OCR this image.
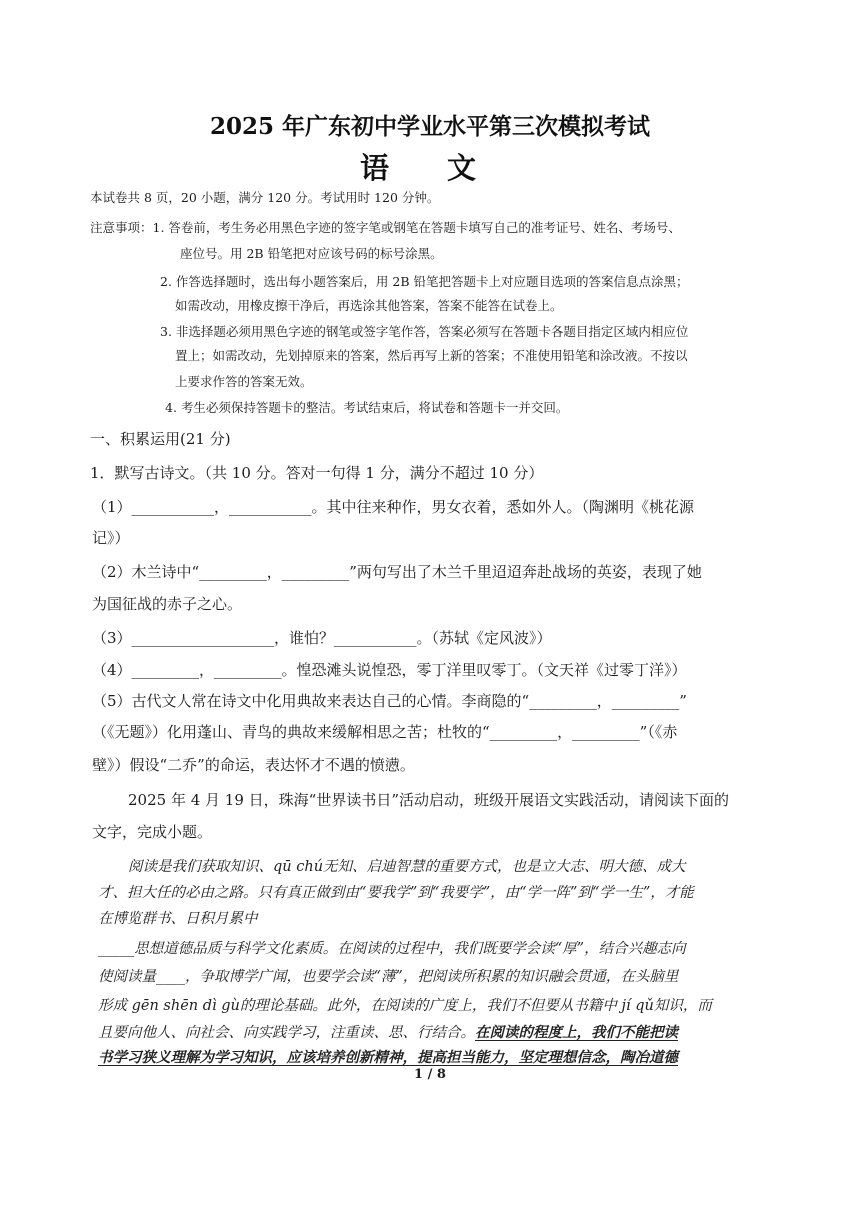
2025 年广东初中学业水平第三次模拟考试
语 文
本试卷共 8 页，20 小题，满分 120 分。考试用时 120 分钟。
注意事项：1. 答卷前，考生务必用黑色字迹的签字笔或钢笔在答题卡填写自己的准考证号、姓名、考场号、
座位号。用 2B 铅笔把对应该号码的标号涂黑。
2. 作答选择题时，选出每小题答案后，用 2B 铅笔把答题卡上对应题目选项的答案信息点涂黑；
如需改动，用橡皮擦干净后，再选涂其他答案，答案不能答在试卷上。
3. 非选择题必须用黑色字迹的钢笔或签字笔作答，答案必须写在答题卡各题目指定区域内相应位
置上；如需改动，先划掉原来的答案，然后再写上新的答案；不准使用铅笔和涂改液。不按以
上要求作答的答案无效。
4. 考生必须保持答题卡的整洁。考试结束后，将试卷和答题卡一并交回。
一、积累运用(21 分)
1．默写古诗文。（共 10 分。答对一句得 1 分，满分不超过 10 分）
（1）___________，___________。其中往来种作，男女衣着，悉如外人。（陶渊明《桃花源
记》）
（2）木兰诗中“_________，_________”两句写出了木兰千里迢迢奔赴战场的英姿，表现了她
为国征战的赤子之心。
（3）___________________，谁怕？___________。（苏轼《定风波》）
（4）_________，_________。惶恐滩头说惶恐，零丁洋里叹零丁。（文天祥《过零丁洋》）
（5）古代文人常在诗文中化用典故来表达自己的心情。李商隐的“_________，_________”
（《无题》）化用蓬山、青鸟的典故来缓解相思之苦；杜牧的“_________，_________”（《赤
壁》）假设“二乔”的命运，表达怀才不遇的愤懑。
2025 年 4 月 19 日，珠海“世界读书日”活动启动，班级开展语文实践活动，请阅读下面的
文字，完成小题。
阅读是我们获取知识、qū chú无知、启迪智慧的重要方式，也是立大志、明大德、成大
才、担大任的必由之路。只有真正做到由“要我学”到“我要学”，由“学一阵”到“学一生”，才能
在博览群书、日积月累中
_____思想道德品质与科学文化素质。在阅读的过程中，我们既要学会读“厚”，结合兴趣志向
使阅读量____，争取博学广闻，也要学会读“薄”，把阅读所积累的知识融会贯通，在头脑里
形成 gēn shēn dì gù的理论基础。此外，在阅读的广度上，我们不但要从书籍中 jí qǔ知识，而
且要向他人、向社会、向实践学习，注重读、思、行结合。在阅读的程度上，我们不能把读
书学习狭义理解为学习知识，应该培养创新精神，提高担当能力，坚定理想信念，陶冶道德
1 / 8
